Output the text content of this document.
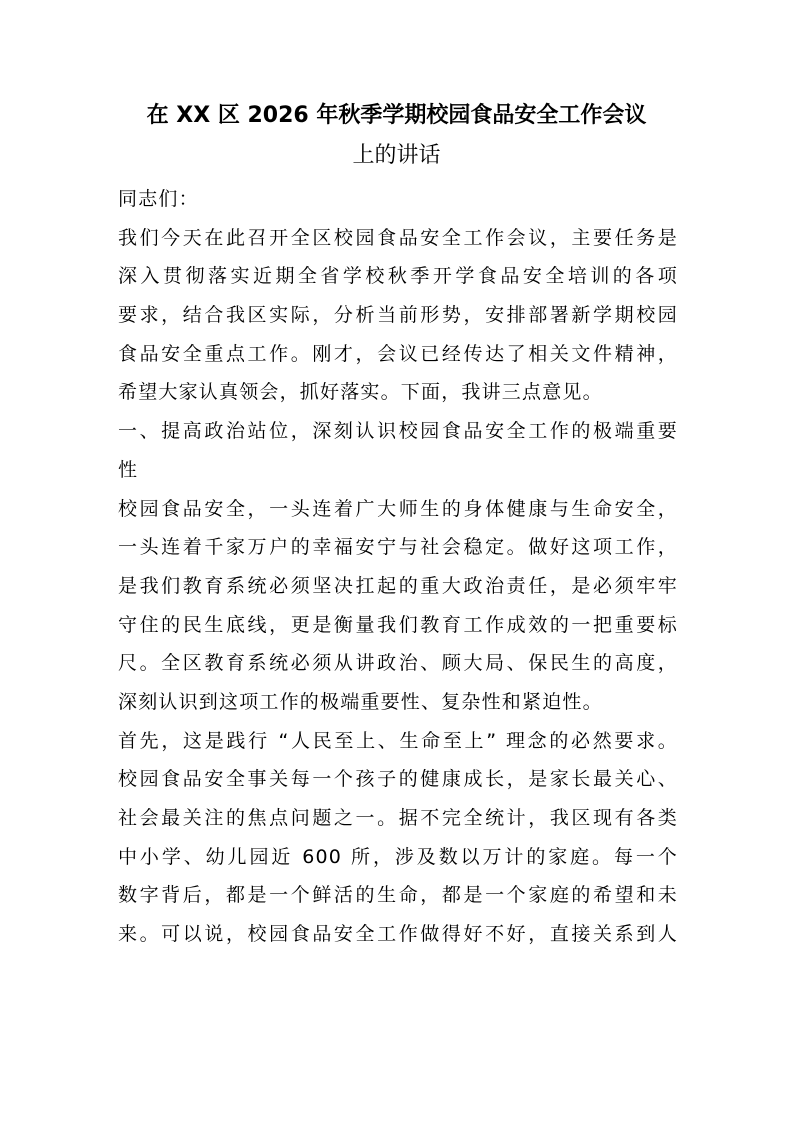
在 XX 区 2026 年秋季学期校园食品安全工作会议
上的讲话
同志们：
我们今天在此召开全区校园食品安全工作会议，主要任务是
深入贯彻落实近期全省学校秋季开学食品安全培训的各项
要求，结合我区实际，分析当前形势，安排部署新学期校园
食品安全重点工作。刚才，会议已经传达了相关文件精神，
希望大家认真领会，抓好落实。下面，我讲三点意见。
一、提高政治站位，深刻认识校园食品安全工作的极端重要
性
校园食品安全，一头连着广大师生的身体健康与生命安全，
一头连着千家万户的幸福安宁与社会稳定。做好这项工作，
是我们教育系统必须坚决扛起的重大政治责任，是必须牢牢
守住的民生底线，更是衡量我们教育工作成效的一把重要标
尺。全区教育系统必须从讲政治、顾大局、保民生的高度，
深刻认识到这项工作的极端重要性、复杂性和紧迫性。
首先，这是践行 “人民至上、生命至上” 理念的必然要求。
校园食品安全事关每一个孩子的健康成长，是家长最关心、
社会最关注的焦点问题之一。据不完全统计，我区现有各类
中小学、幼儿园近 600 所，涉及数以万计的家庭。每一个
数字背后，都是一个鲜活的生命，都是一个家庭的希望和未
来。可以说，校园食品安全工作做得好不好，直接关系到人
